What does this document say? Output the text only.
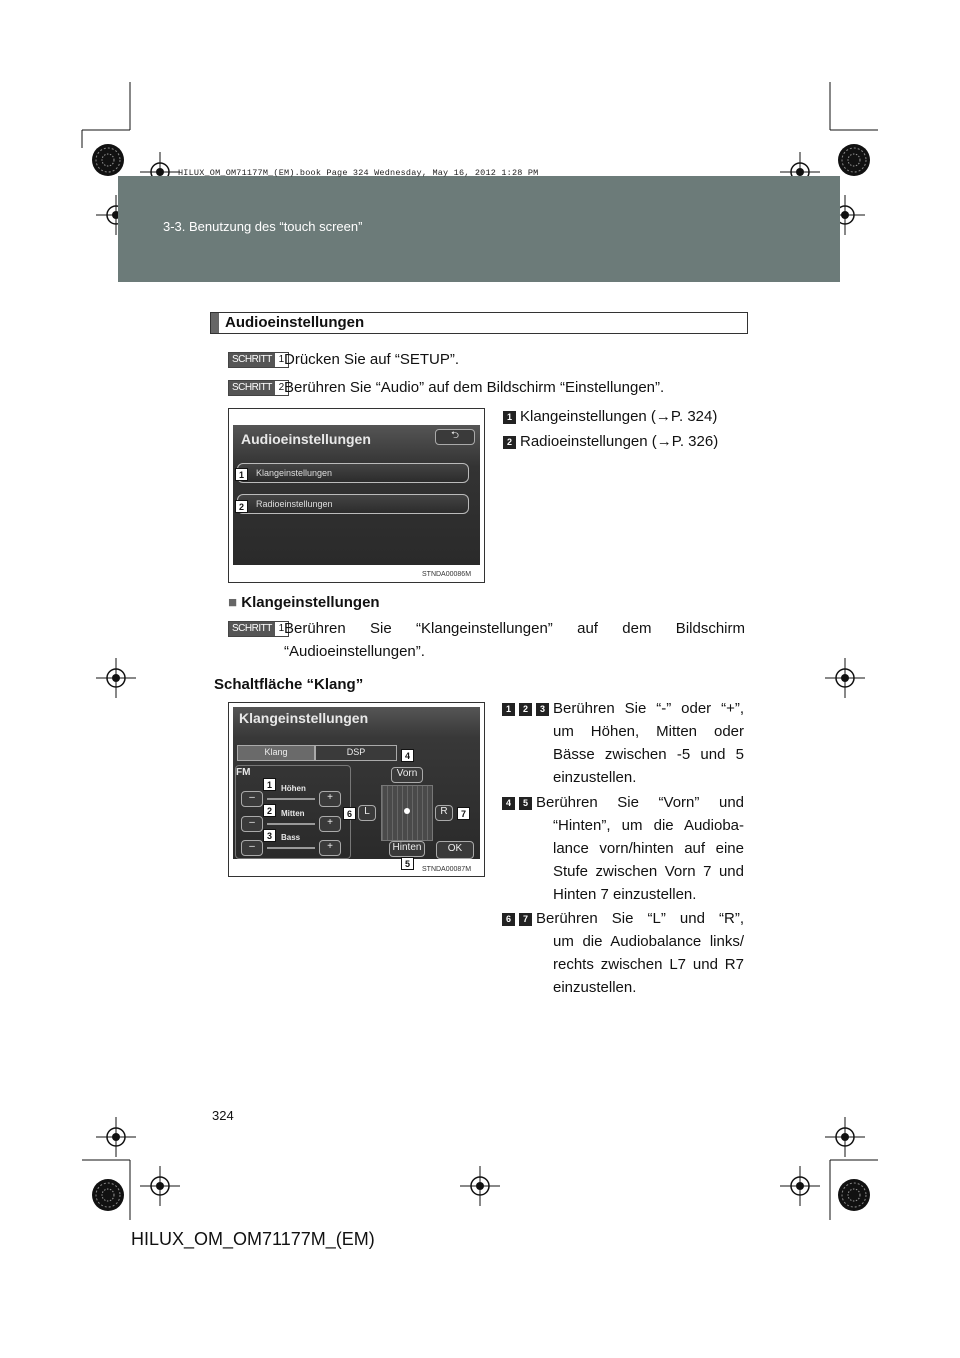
3-3. Benutzung des “touch screen”
HILUX_OM_OM71177M_(EM).book Page 324 Wednesday, May 16, 2012 1:28 PM
Audioeinstellungen
SCHRITT 1 Drücken Sie auf “SETUP”.
SCHRITT 2 Berühren Sie “Audio” auf dem Bildschirm “Einstellungen”.
Audioeinstellungen	⮌
Klangeinstellungen
Radioeinstellungen
1
2
STNDA00086M
1 Klangeinstellungen (→P. 324)
2 Radioeinstellungen (→P. 326)
■ Klangeinstellungen
SCHRITT 1 Berühren Sie “Klangeinstellungen” auf dem Bildschirm
“Audioeinstellungen”.
Schaltfläche “Klang”
Klangeinstellungen
Klang	DSP
FM
–
Höhen
+
–
Mitten
+
–
Bass
+
Vorn
L	R
Hinten	OK
1
2
3
4
5
6	7
STNDA00087M
1	2	3 Berühren Sie “-” oder “+”,
um Höhen, Mitten oder
Bässe zwischen -5 und 5
einzustellen.
4	5 Berühren Sie “Vorn” und
“Hinten”, um die Audioba-
lance vorn/hinten auf eine
Stufe zwischen Vorn 7 und
Hinten 7 einzustellen.
6	7 Berühren Sie “L” und “R”,
um die Audiobalance links/
rechts zwischen L7 und R7
einzustellen.
324
HILUX_OM_OM71177M_(EM)
